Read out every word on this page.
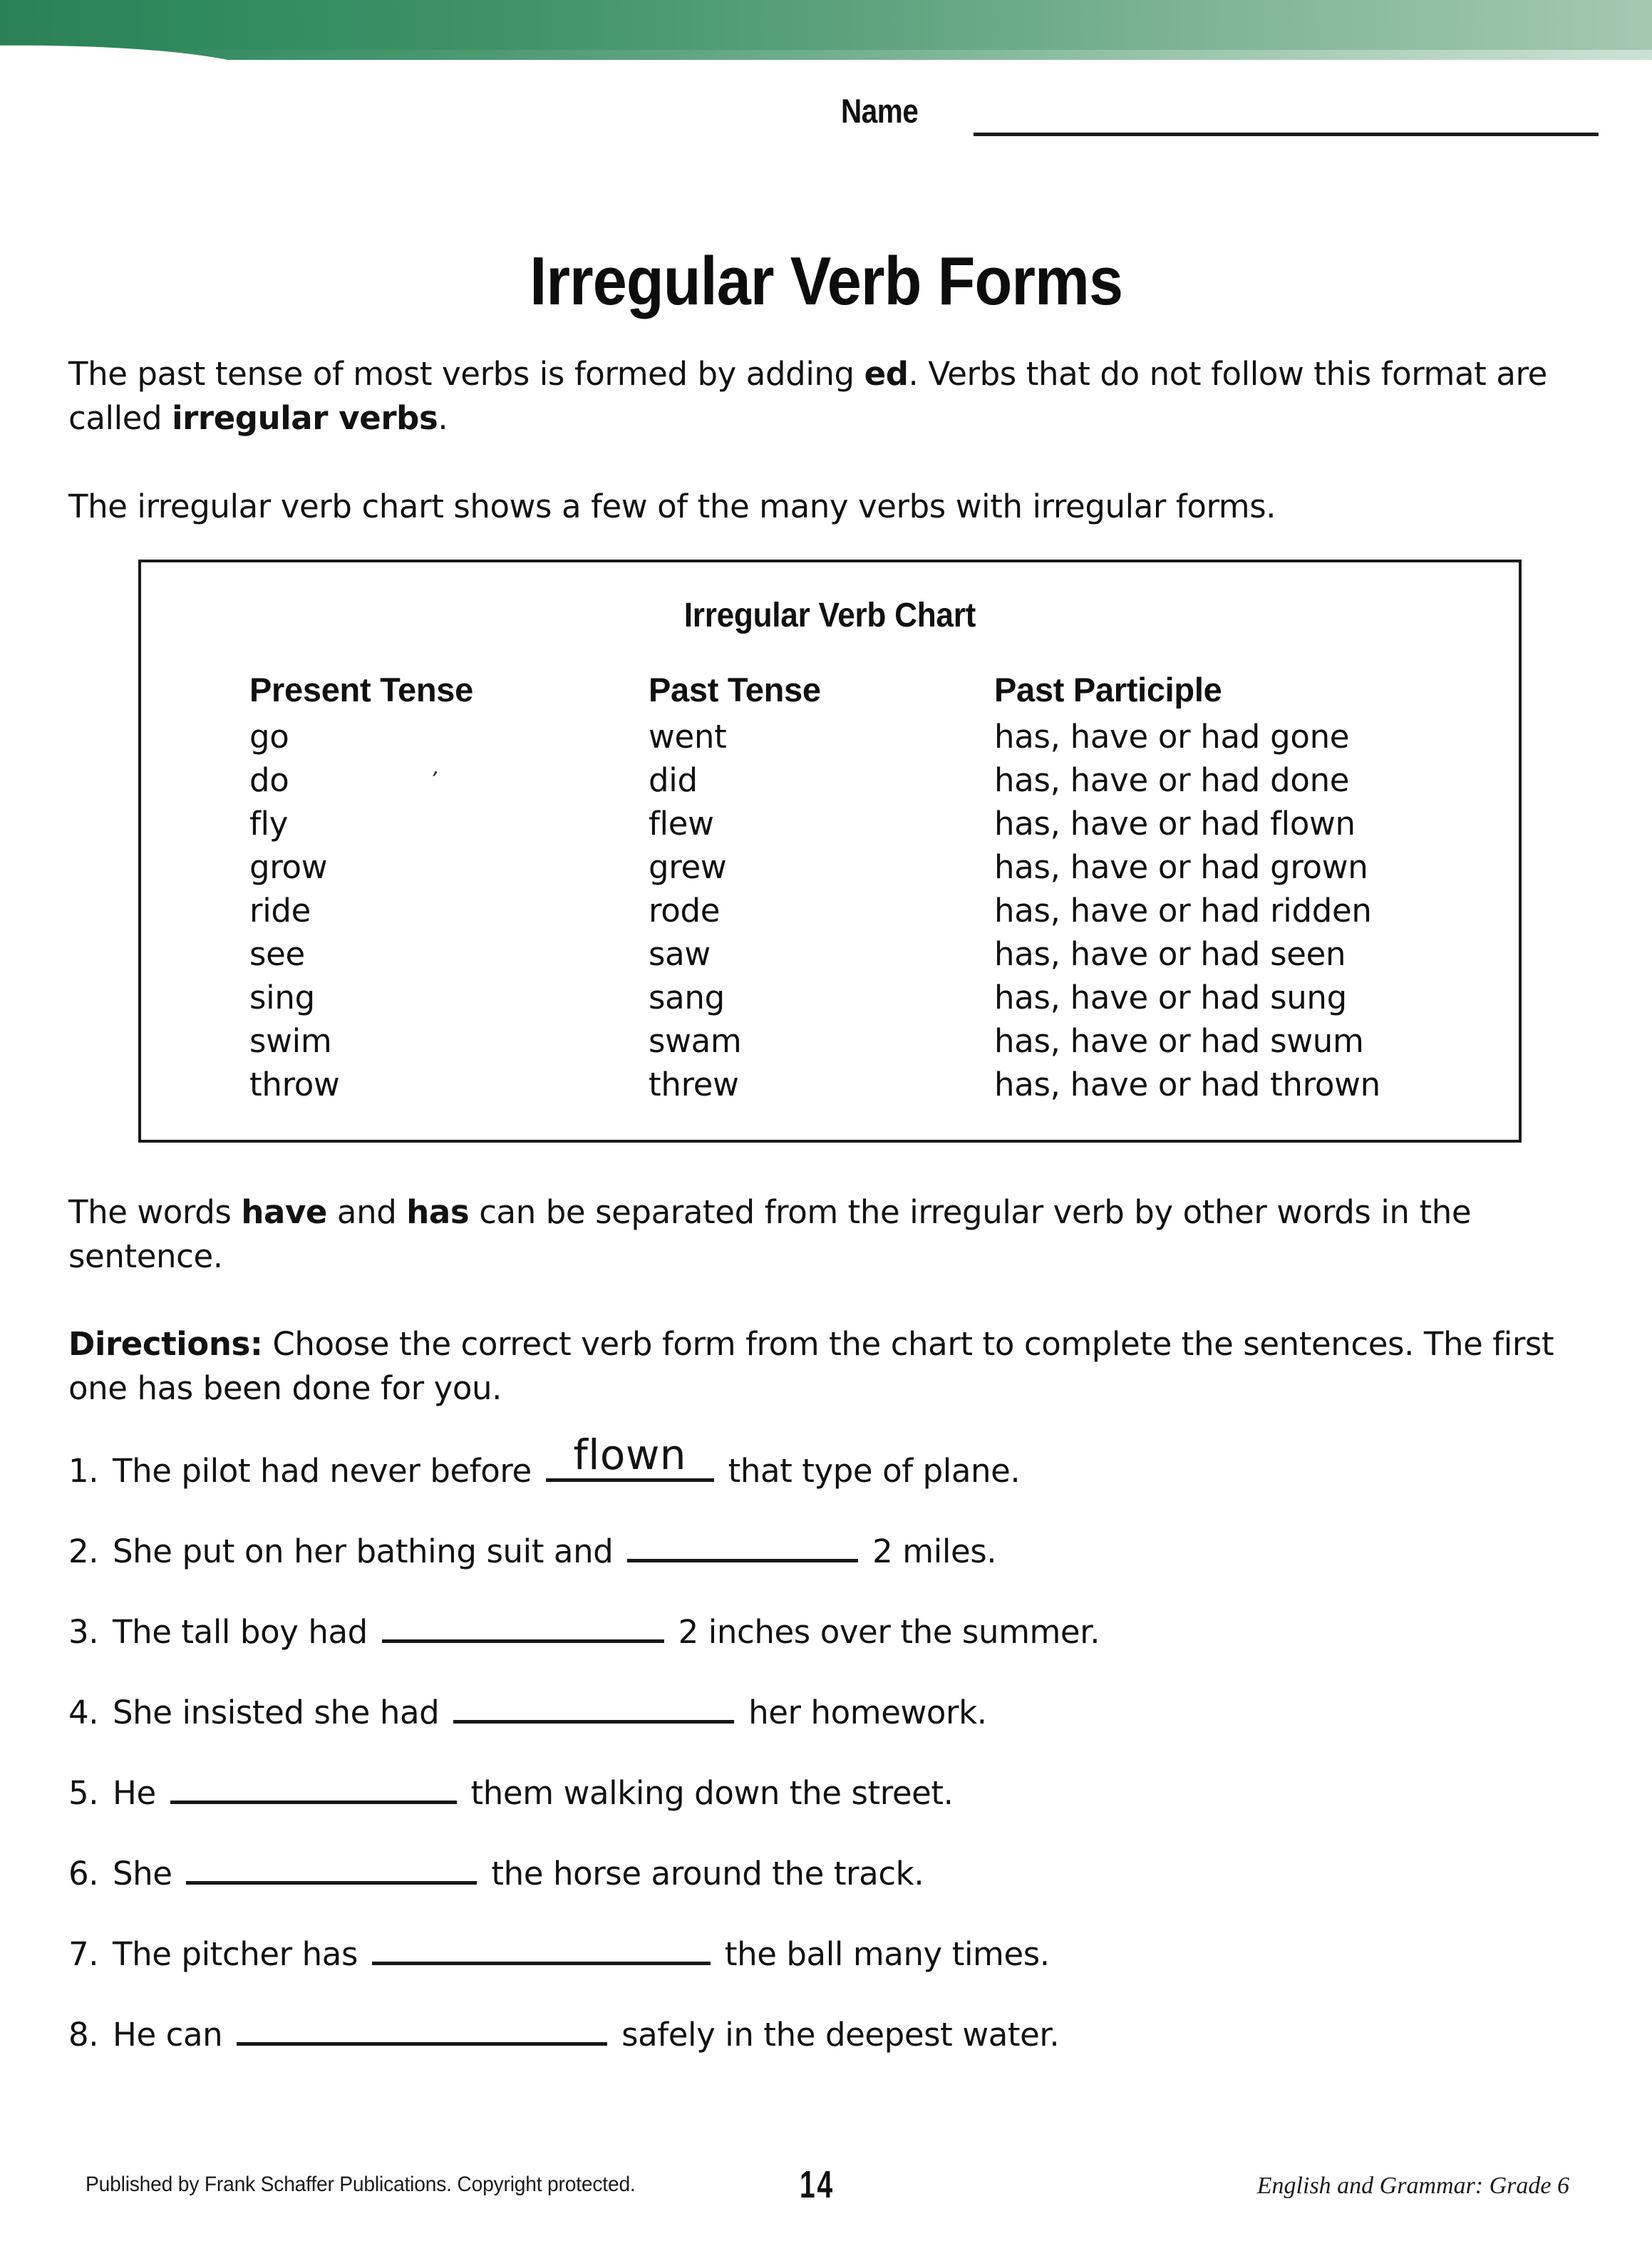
Name
Irregular Verb Forms
The past tense of most verbs is formed by adding ed. Verbs that do not follow this format are called irregular verbs.
The irregular verb chart shows a few of the many verbs with irregular forms.
Irregular Verb Chart
Present Tense	Past Tense	Past Participle
go	went	has, have or had gone
do	did	has, have or had done
fly	flew	has, have or had flown
grow	grew	has, have or had grown
ride	rode	has, have or had ridden
see	saw	has, have or had seen
sing	sang	has, have or had sung
swim	swam	has, have or had swum
throw	threw	has, have or had thrown
,
The words have and has can be separated from the irregular verb by other words in the sentence.
Directions: Choose the correct verb form from the chart to complete the sentences. The first one has been done for you.
1. The pilot had never before flown that type of plane.
2. She put on her bathing suit and	2 miles.
3. The tall boy had	2 inches over the summer.
4. She insisted she had	her homework.
5. He	them walking down the street.
6. She	the horse around the track.
7. The pitcher has	the ball many times.
8. He can	safely in the deepest water.
Published by Frank Schaffer Publications. Copyright protected.	14	English and Grammar: Grade 6
